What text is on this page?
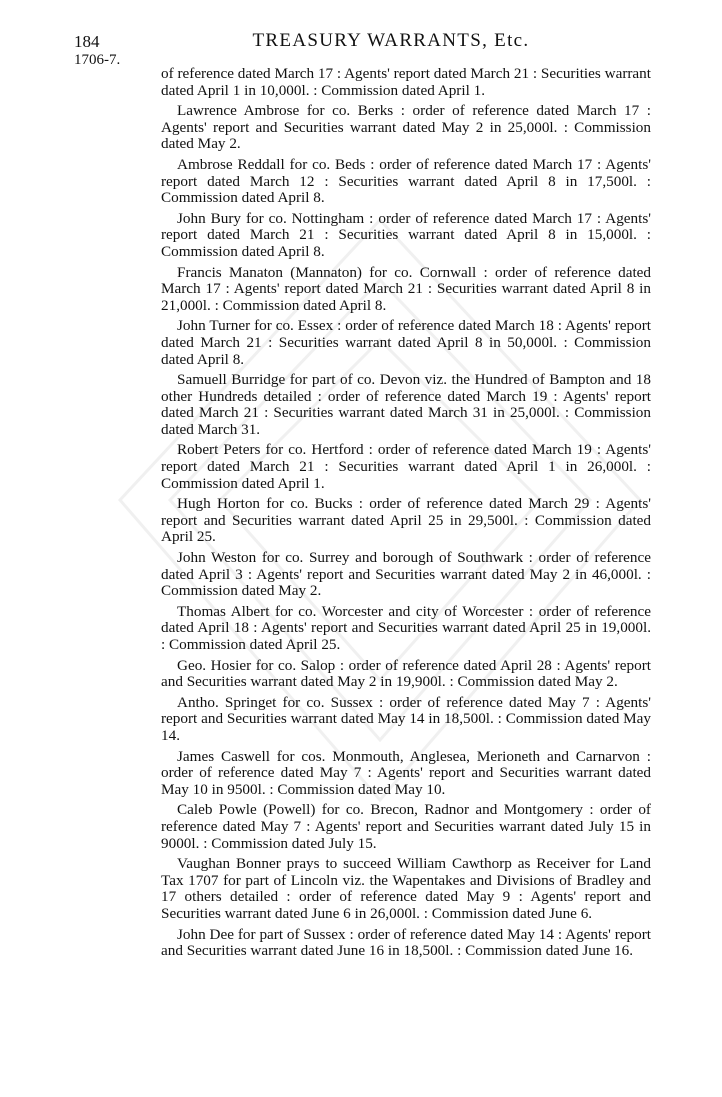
184	TREASURY WARRANTS, Etc.
1706-7.

of reference dated March 17 : Agents' report dated March 21 : Securities warrant dated April 1 in 10,000l. : Commission dated April 1.

Lawrence Ambrose for co. Berks : order of reference dated March 17 : Agents' report and Securities warrant dated May 2 in 25,000l. : Commission dated May 2.

Ambrose Reddall for co. Beds : order of reference dated March 17 : Agents' report dated March 12 : Securities warrant dated April 8 in 17,500l. : Commission dated April 8.

John Bury for co. Nottingham : order of reference dated March 17 : Agents' report dated March 21 : Securities warrant dated April 8 in 15,000l. : Commission dated April 8.

Francis Manaton (Mannaton) for co. Cornwall : order of reference dated March 17 : Agents' report dated March 21 : Securities warrant dated April 8 in 21,000l. : Commission dated April 8.

John Turner for co. Essex : order of reference dated March 18 : Agents' report dated March 21 : Securities warrant dated April 8 in 50,000l. : Commission dated April 8.

Samuell Burridge for part of co. Devon viz. the Hundred of Bampton and 18 other Hundreds detailed : order of reference dated March 19 : Agents' report dated March 21 : Securities warrant dated March 31 in 25,000l. : Commission dated March 31.

Robert Peters for co. Hertford : order of reference dated March 19 : Agents' report dated March 21 : Securities warrant dated April 1 in 26,000l. : Commission dated April 1.

Hugh Horton for co. Bucks : order of reference dated March 29 : Agents' report and Securities warrant dated April 25 in 29,500l. : Commission dated April 25.

John Weston for co. Surrey and borough of Southwark : order of reference dated April 3 : Agents' report and Securities warrant dated May 2 in 46,000l. : Commission dated May 2.

Thomas Albert for co. Worcester and city of Worcester : order of reference dated April 18 : Agents' report and Securities warrant dated April 25 in 19,000l. : Commission dated April 25.

Geo. Hosier for co. Salop : order of reference dated April 28 : Agents' report and Securities warrant dated May 2 in 19,900l. : Commission dated May 2.

Antho. Springet for co. Sussex : order of reference dated May 7 : Agents' report and Securities warrant dated May 14 in 18,500l. : Commission dated May 14.

James Caswell for cos. Monmouth, Anglesea, Merioneth and Carnarvon : order of reference dated May 7 : Agents' report and Securities warrant dated May 10 in 9500l. : Commission dated May 10.

Caleb Powle (Powell) for co. Brecon, Radnor and Montgomery : order of reference dated May 7 : Agents' report and Securities warrant dated July 15 in 9000l. : Commission dated July 15.

Vaughan Bonner prays to succeed William Cawthorp as Receiver for Land Tax 1707 for part of Lincoln viz. the Wapentakes and Divisions of Bradley and 17 others detailed : order of reference dated May 9 : Agents' report and Securities warrant dated June 6 in 26,000l. : Commission dated June 6.

John Dee for part of Sussex : order of reference dated May 14 : Agents' report and Securities warrant dated June 16 in 18,500l. : Commission dated June 16.
